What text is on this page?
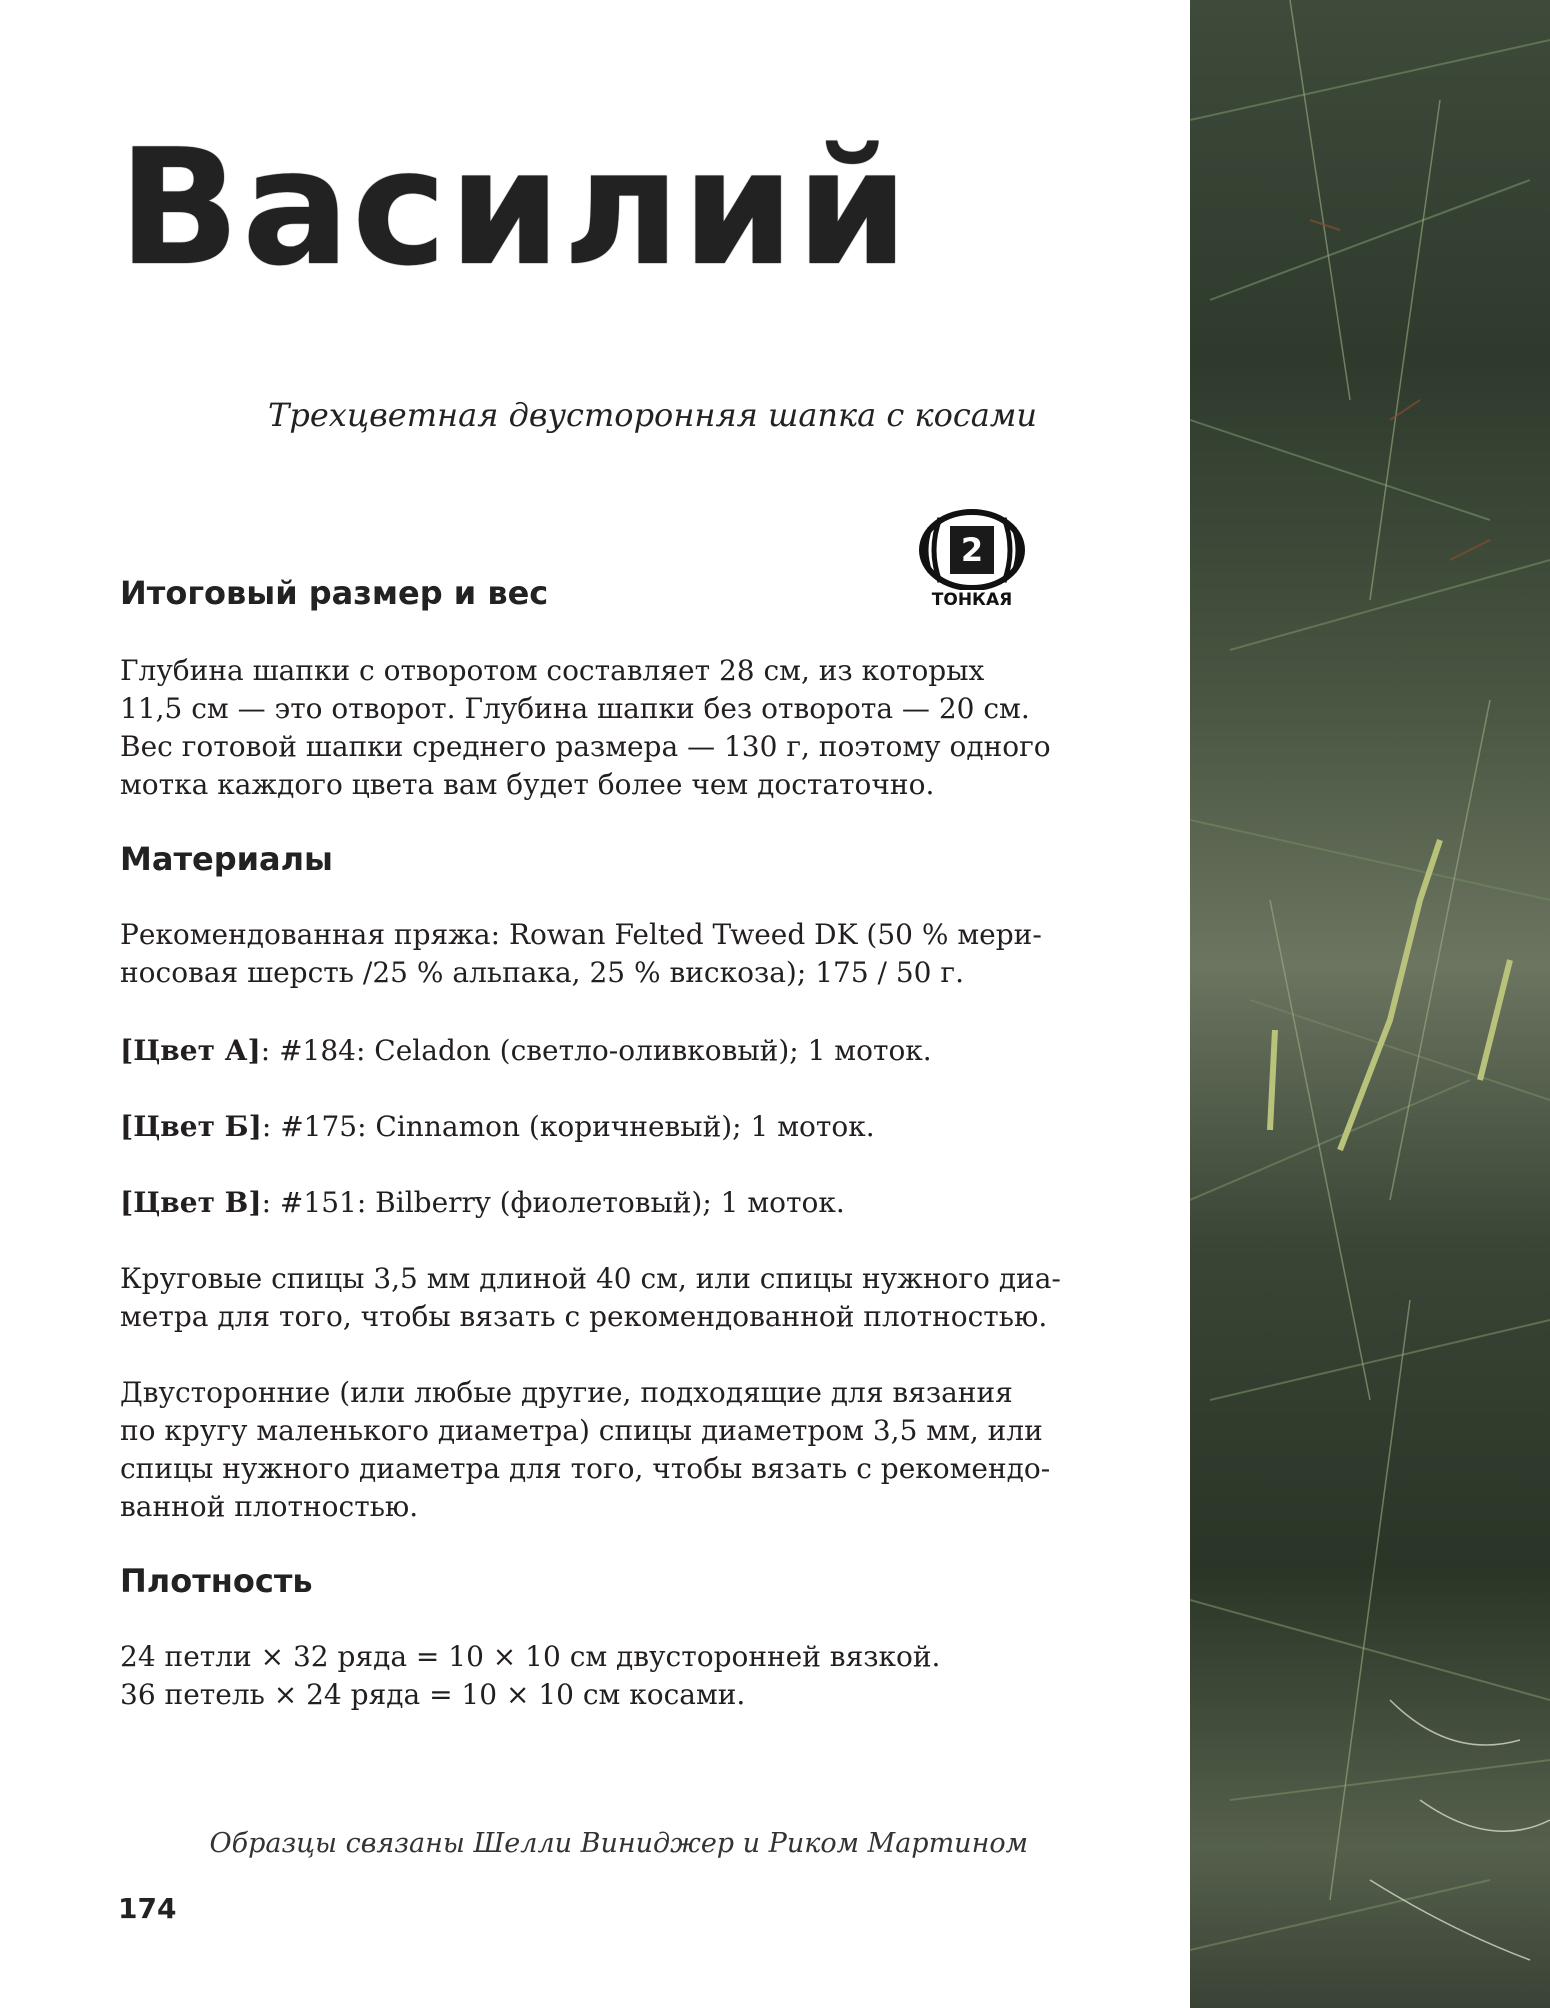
Василий
Трехцветная двусторонняя шапка с косами
2
ТОНКАЯ
Итоговый размер и вес
Глубина шапки с отворотом составляет 28 см, из которых
11,5 см — это отворот. Глубина шапки без отворота — 20 см.
Вес готовой шапки среднего размера — 130 г, поэтому одного
мотка каждого цвета вам будет более чем достаточно.
Материалы
Рекомендованная пряжа: Rowan Felted Tweed DK (50 % мери-
носовая шерсть /25 % альпака, 25 % вискоза); 175 / 50 г.
[Цвет А]: #184: Celadon (светло-оливковый); 1 моток.
[Цвет Б]: #175: Cinnamon (коричневый); 1 моток.
[Цвет В]: #151: Bilberry (фиолетовый); 1 моток.
Круговые спицы 3,5 мм длиной 40 см, или спицы нужного диа-
метра для того, чтобы вязать с рекомендованной плотностью.
Двусторонние (или любые другие, подходящие для вязания
по кругу маленького диаметра) спицы диаметром 3,5 мм, или
спицы нужного диаметра для того, чтобы вязать с рекомендо-
ванной плотностью.
Плотность
24 петли × 32 ряда = 10 × 10 см двусторонней вязкой.
36 петель × 24 ряда = 10 × 10 см косами.
Образцы связаны Шелли Виниджер и Риком Мартином
174
